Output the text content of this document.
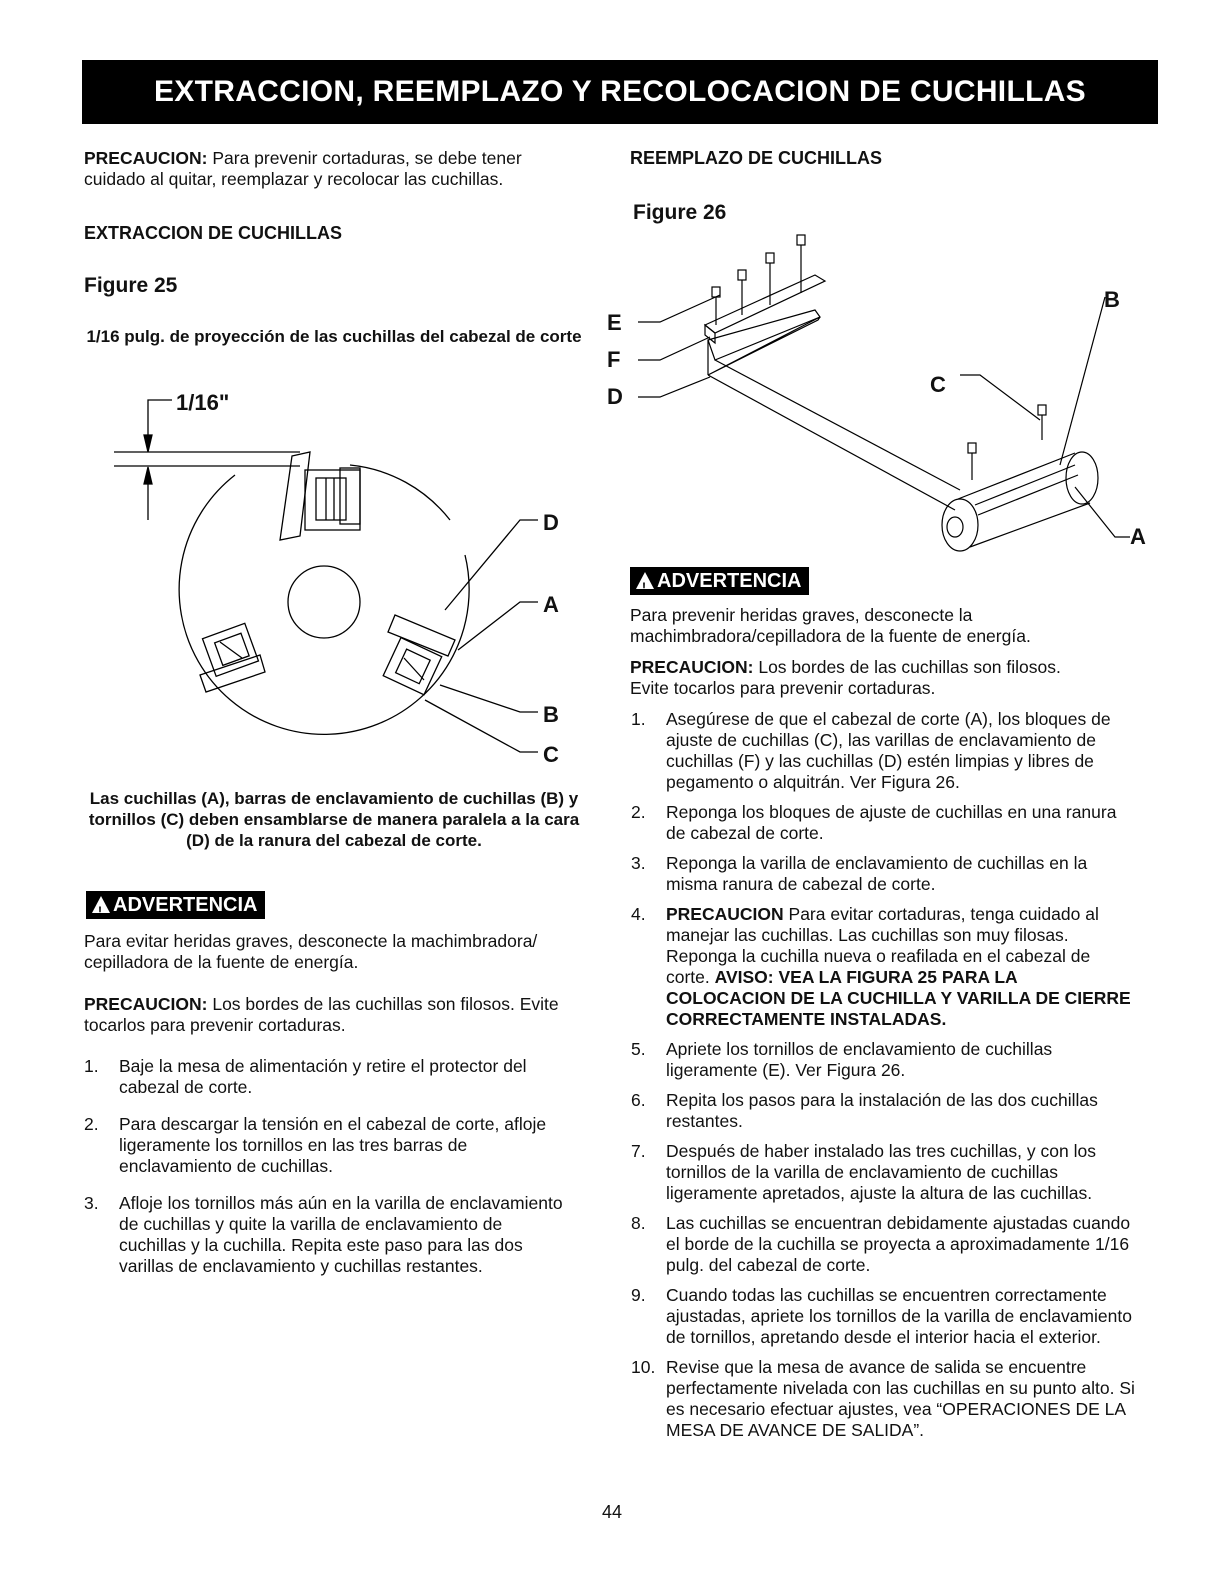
EXTRACCION, REEMPLAZO Y RECOLOCACION DE CUCHILLAS
PRECAUCION: Para prevenir cortaduras, se debe tener cuidado al quitar, reemplazar y recolocar las cuchillas.
EXTRACCION DE CUCHILLAS
Figure 25
1/16 pulg. de proyección de las cuchillas del cabezal de corte
1/16"
D
A
B
C
Las cuchillas (A), barras de enclavamiento de cuchillas (B) y tornillos (C) deben ensamblarse de manera paralela a la cara (D) de la ranura del cabezal de corte.
!ADVERTENCIA
Para evitar heridas graves, desconecte la machimbradora/ cepilladora de la fuente de energía.
PRECAUCION: Los bordes de las cuchillas son filosos. Evite tocarlos para prevenir cortaduras.
1. Baje la mesa de alimentación y retire el protector del cabezal de corte.
2. Para descargar la tensión en el cabezal de corte, afloje ligeramente los tornillos en las tres barras de enclavamiento de cuchillas.
3. Afloje los tornillos más aún en la varilla de enclavamiento de cuchillas y quite la varilla de enclavamiento de cuchillas y la cuchilla. Repita este paso para las dos varillas de enclavamiento y cuchillas restantes.
REEMPLAZO DE CUCHILLAS
Figure 26
E
F
D	C
B
A
!ADVERTENCIA
Para prevenir heridas graves, desconecte la machimbradora/cepilladora de la fuente de energía.
PRECAUCION: Los bordes de las cuchillas son filosos. Evite tocarlos para prevenir cortaduras.
1. Asegúrese de que el cabezal de corte (A), los bloques de ajuste de cuchillas (C), las varillas de enclavamiento de cuchillas (F) y las cuchillas (D) estén limpias y libres de pegamento o alquitrán. Ver Figura 26.
2. Reponga los bloques de ajuste de cuchillas en una ranura de cabezal de corte.
3. Reponga la varilla de enclavamiento de cuchillas en la misma ranura de cabezal de corte.
4. PRECAUCION Para evitar cortaduras, tenga cuidado al manejar las cuchillas. Las cuchillas son muy filosas. Reponga la cuchilla nueva o reafilada en el cabezal de corte. AVISO: VEA LA FIGURA 25 PARA LA COLOCACION DE LA CUCHILLA Y VARILLA DE CIERRE CORRECTAMENTE INSTALADAS.
5. Apriete los tornillos de enclavamiento de cuchillas ligeramente (E). Ver Figura 26.
6. Repita los pasos para la instalación de las dos cuchillas restantes.
7. Después de haber instalado las tres cuchillas, y con los tornillos de la varilla de enclavamiento de cuchillas ligeramente apretados, ajuste la altura de las cuchillas.
8. Las cuchillas se encuentran debidamente ajustadas cuando el borde de la cuchilla se proyecta a aproximadamente 1/16 pulg. del cabezal de corte.
9. Cuando todas las cuchillas se encuentren correctamente ajustadas, apriete los tornillos de la varilla de enclavamiento de tornillos, apretando desde el interior hacia el exterior.
10. Revise que la mesa de avance de salida se encuentre perfectamente nivelada con las cuchillas en su punto alto. Si es necesario efectuar ajustes, vea “OPERACIONES DE LA MESA DE AVANCE DE SALIDA”.
44
